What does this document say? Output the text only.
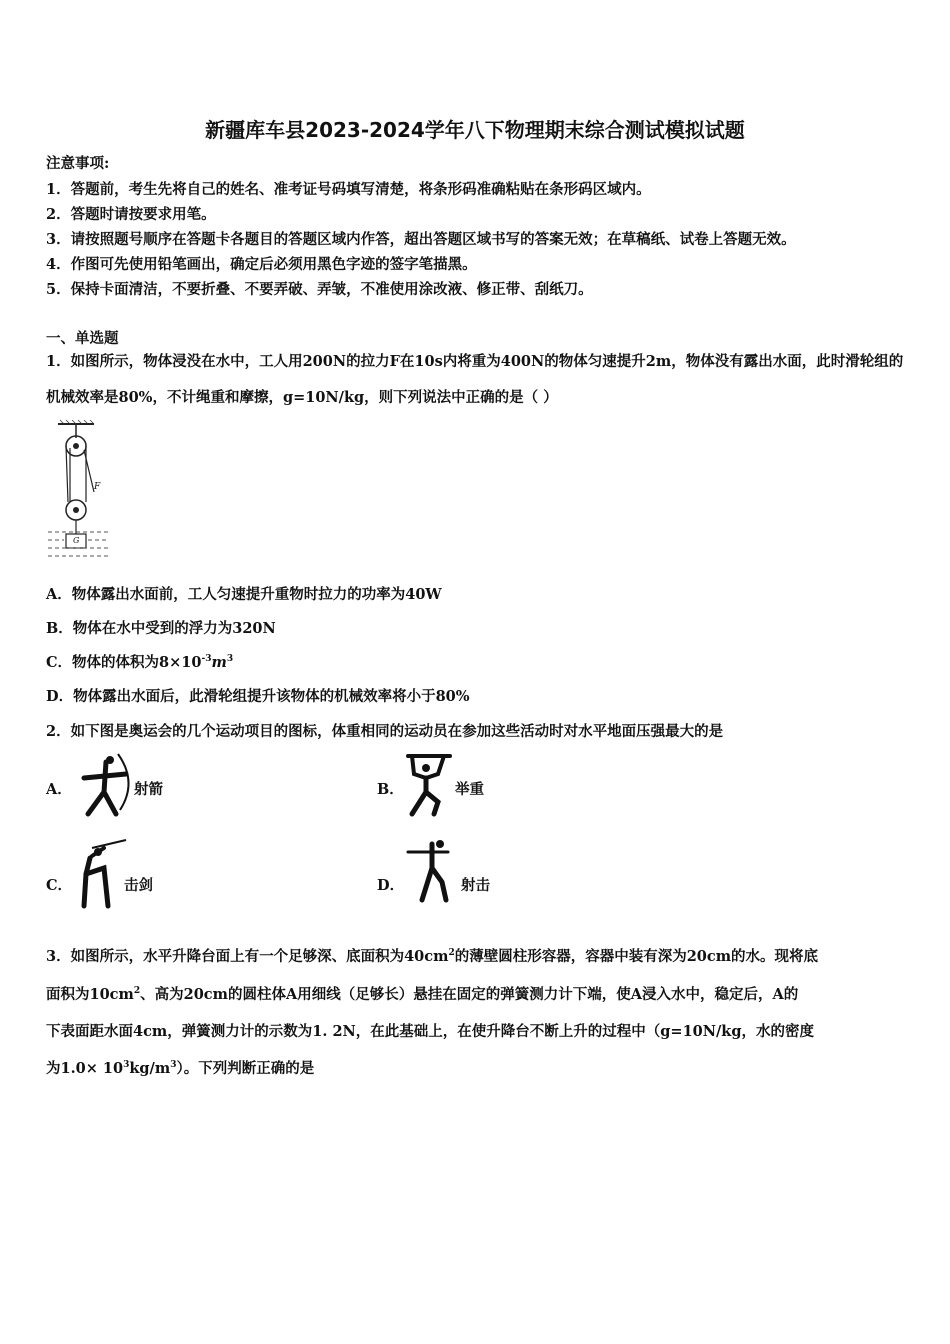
新疆库车县2023-2024学年八下物理期末综合测试模拟试题
注意事项:
1．答题前，考生先将自己的姓名、准考证号码填写清楚，将条形码准确粘贴在条形码区域内。
2．答题时请按要求用笔。
3．请按照题号顺序在答题卡各题目的答题区域内作答，超出答题区域书写的答案无效；在草稿纸、试卷上答题无效。
4．作图可先使用铅笔画出，确定后必须用黑色字迹的签字笔描黑。
5．保持卡面清洁，不要折叠、不要弄破、弄皱，不准使用涂改液、修正带、刮纸刀。
一、单选题
1．如图所示，物体浸没在水中，工人用200N的拉力F在10s内将重为400N的物体匀速提升2m，物体没有露出水面，此时滑轮组的机械效率是80%，不计绳重和摩擦，g=10N/kg，则下列说法中正确的是（ ）
F
G
A．物体露出水面前，工人匀速提升重物时拉力的功率为40W
B．物体在水中受到的浮力为320N
C．物体的体积为$8\times 10^{-3}m^3$
D．物体露出水面后，此滑轮组提升该物体的机械效率将小于80%
2．如下图是奥运会的几个运动项目的图标，体重相同的运动员在参加这些活动时对水平地面压强最大的是
A．	射箭	B．	举重
C．	击剑	D．	射击
3．如图所示，水平升降台面上有一个足够深、底面积为$40cm^2$的薄壁圆柱形容器，容器中装有深为20cm的水。现将底
面积为$10cm^2$、高为20cm的圆柱体A用细线（足够长）悬挂在固定的弹簧测力计下端，使A浸入水中，稳定后，A的
下表面距水面4cm，弹簧测力计的示数为1. 2N，在此基础上，在使升降台不断上升的过程中（g=10N/kg，水的密度
为$1.0\times 10^3kg/m^3$）。下列判断正确的是
